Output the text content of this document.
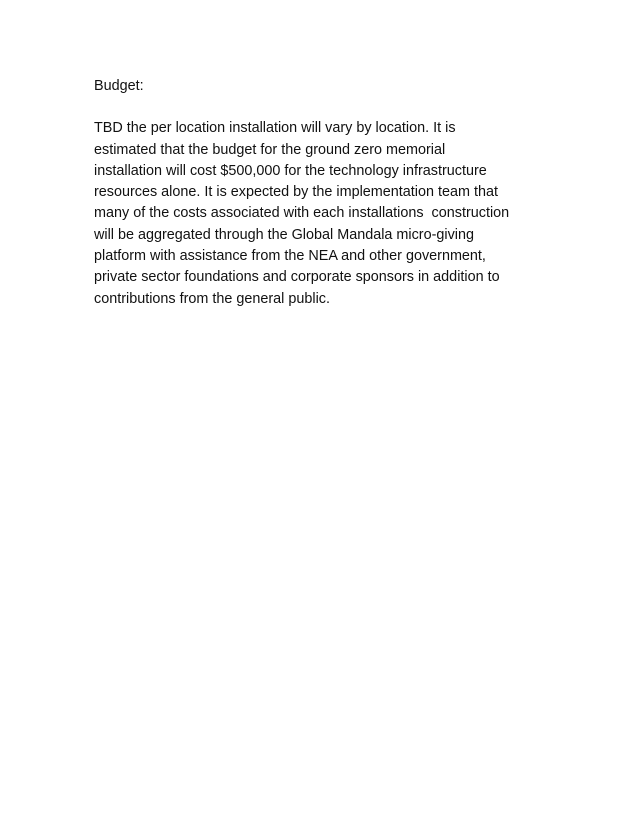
Budget:
TBD the per location installation will vary by location. It is
estimated that the budget for the ground zero memorial
installation will cost $500,000 for the technology infrastructure
resources alone. It is expected by the implementation team that
many of the costs associated with each installations  construction
will be aggregated through the Global Mandala micro-giving
platform with assistance from the NEA and other government,
private sector foundations and corporate sponsors in addition to
contributions from the general public.
